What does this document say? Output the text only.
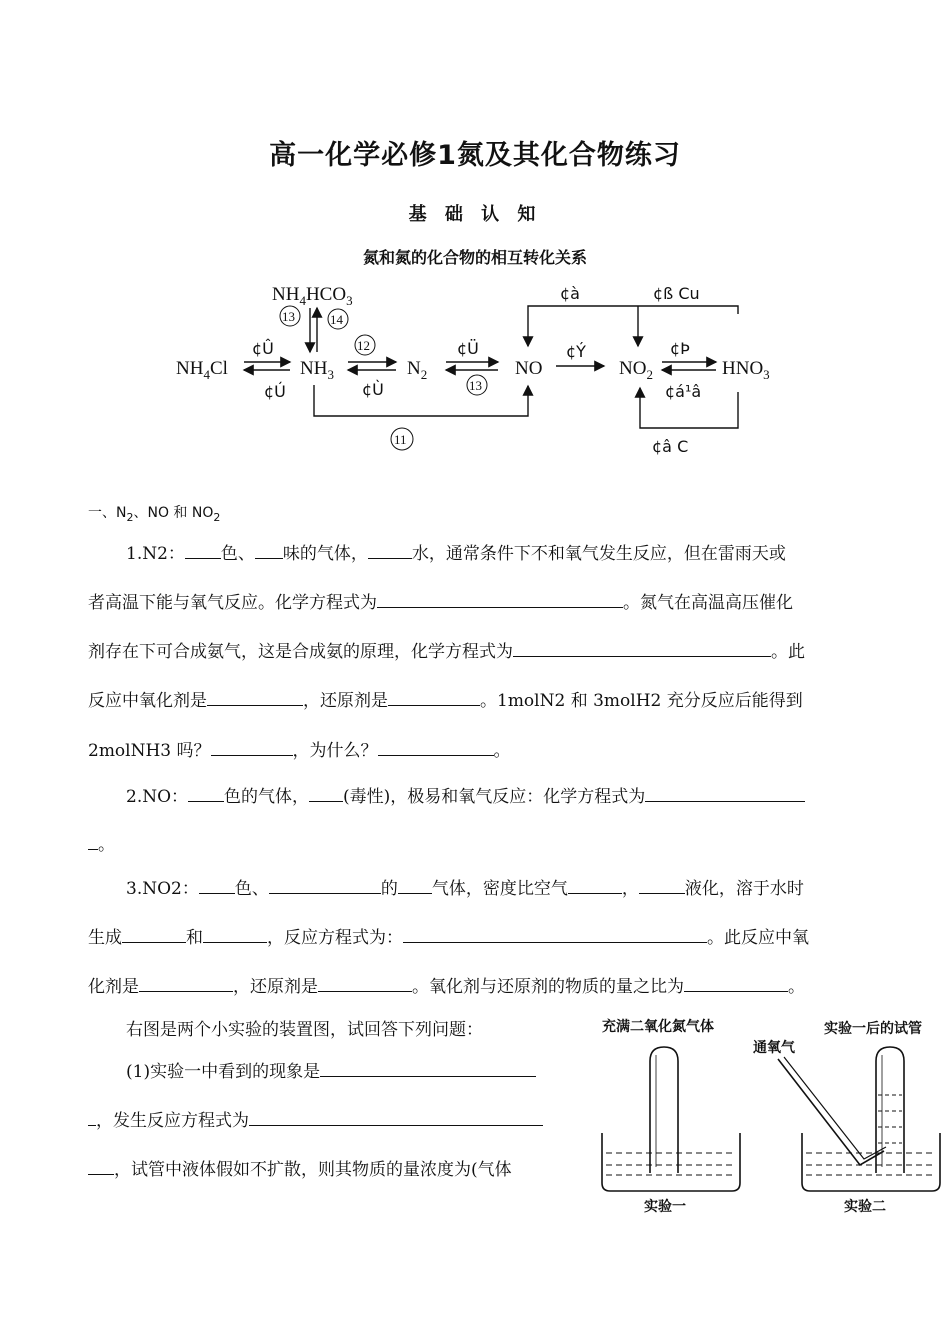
高一化学必修1氮及其化合物练习
基 础 认 知
氮和氮的化合物的相互转化关系
$NH_4HCO_3$
13	14
$NH_4Cl$
¢Û
¢Ú
$NH_3$
12
¢Ù
$N_2$
¢Ü
13
NO
¢Ý
$NO_2$
¢Þ
¢á¹â
$HNO_3$
¢à	¢ß Cu
¢â C
11
一、$N_2$、NO 和 $NO_2$
1.N2： 色、 味的气体，	水，通常条件下不和氧气发生反应，但在雷雨天或
者高温下能与氧气反应。化学方程式为	。氮气在高温高压催化
剂存在下可合成氨气，这是合成氨的原理，化学方程式为	。此
反应中氧化剂是	，还原剂是	。1molN2 和 3molH2 充分反应后能得到
2molNH3 吗？	，为什么？	。
2.NO： 色的气体， (毒性)，极易和氧气反应：化学方程式为
。
3.NO2： 色、	的 气体，密度比空气	，	液化，溶于水时
生成	和	，反应方程式为：	。此反应中氧
化剂是	，还原剂是	。氧化剂与还原剂的物质的量之比为	。
右图是两个小实验的装置图，试回答下列问题：
(1)实验一中看到的现象是
，发生反应方程式为
，试管中液体假如不扩散，则其物质的量浓度为(气体
充满二氧化氮气体
通氧气
实验一后的试管
实验一	实验二
